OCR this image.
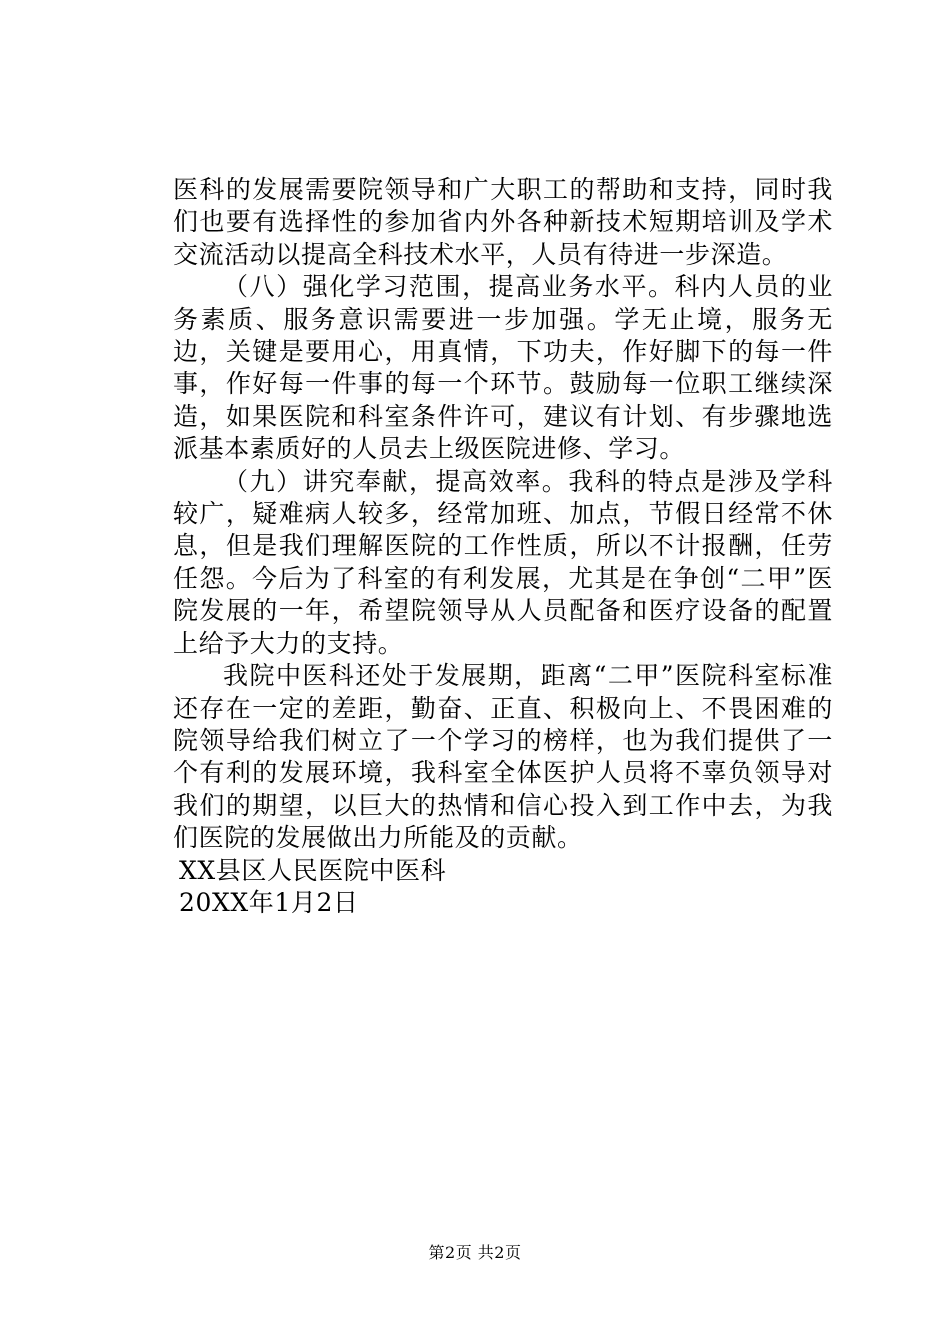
医科的发展需要院领导和广大职工的帮助和支持，同时我们也要有选择性的参加省内外各种新技术短期培训及学术交流活动以提高全科技术水平，人员有待进一步深造。

（八）强化学习范围，提高业务水平。科内人员的业务素质、服务意识需要进一步加强。学无止境，服务无边，关键是要用心，用真情，下功夫，作好脚下的每一件事，作好每一件事的每一个环节。鼓励每一位职工继续深造，如果医院和科室条件许可，建议有计划、有步骤地选派基本素质好的人员去上级医院进修、学习。

（九）讲究奉献，提高效率。我科的特点是涉及学科较广，疑难病人较多，经常加班、加点，节假日经常不休息，但是我们理解医院的工作性质，所以不计报酬，任劳任怨。今后为了科室的有利发展，尤其是在争创“二甲”医院发展的一年，希望院领导从人员配备和医疗设备的配置上给予大力的支持。

我院中医科还处于发展期，距离“二甲”医院科室标准还存在一定的差距，勤奋、正直、积极向上、不畏困难的院领导给我们树立了一个学习的榜样，也为我们提供了一个有利的发展环境，我科室全体医护人员将不辜负领导对我们的期望，以巨大的热情和信心投入到工作中去，为我们医院的发展做出力所能及的贡献。

XX县区人民医院中医科

20XX年1月2日

第2页 共2页
